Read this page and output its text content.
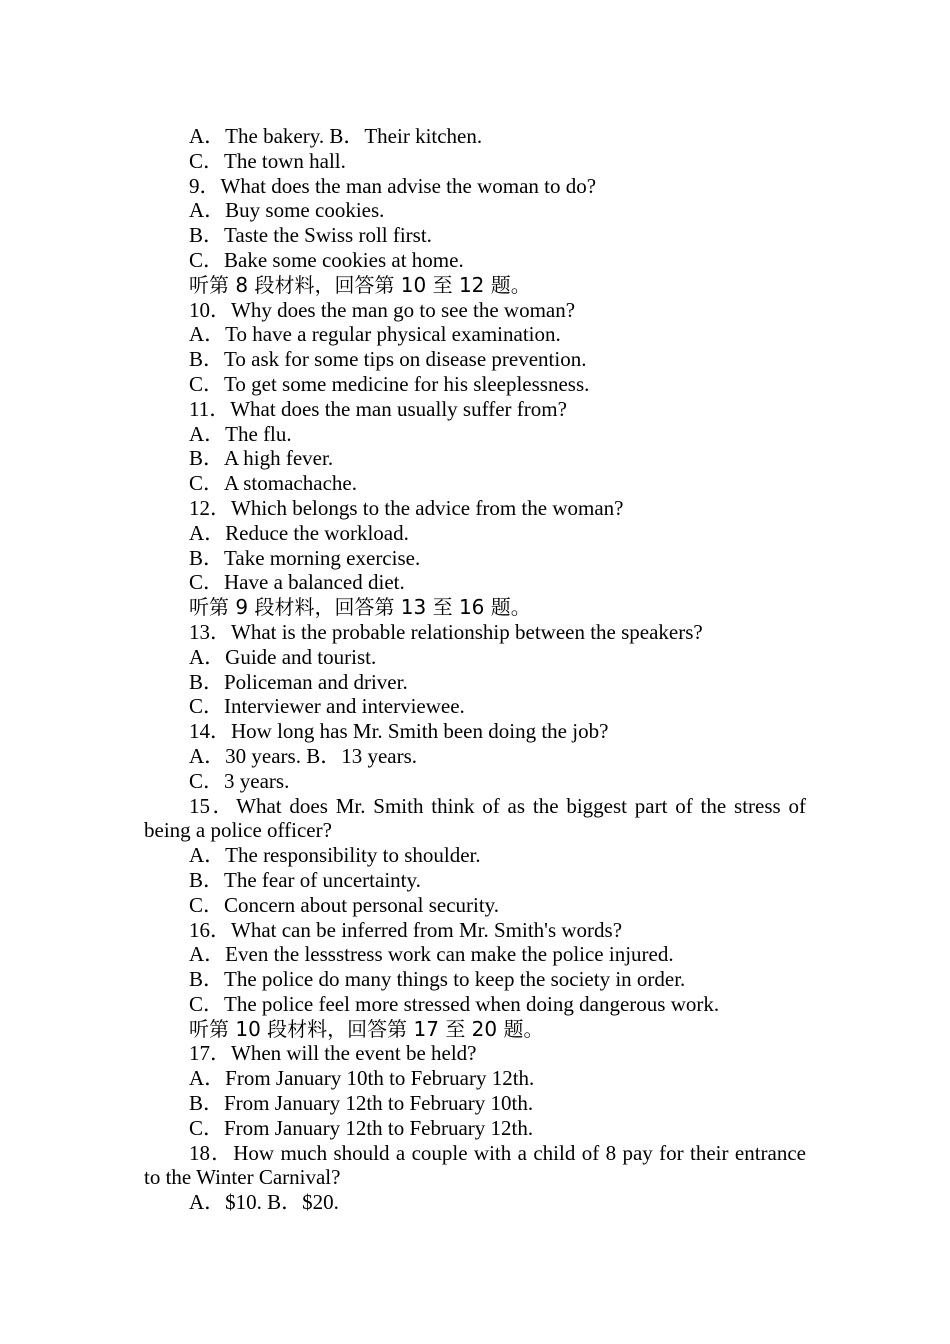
A．The bakery. B．Their kitchen.
C．The town hall.
9．What does the man advise the woman to do?
A．Buy some cookies.
B．Taste the Swiss roll first.
C．Bake some cookies at home.
听第 8 段材料，回答第 10 至 12 题。
10．Why does the man go to see the woman?
A．To have a regular physical examination.
B．To ask for some tips on disease prevention.
C．To get some medicine for his sleeplessness.
11．What does the man usually suffer from?
A．The flu.
B．A high fever.
C．A stomachache.
12．Which belongs to the advice from the woman?
A．Reduce the workload.
B．Take morning exercise.
C．Have a balanced diet.
听第 9 段材料，回答第 13 至 16 题。
13．What is the probable relationship between the speakers?
A．Guide and tourist.
B．Policeman and driver.
C．Interviewer and interviewee.
14．How long has Mr. Smith been doing the job?
A．30 years. B．13 years.
C．3 years.
15．What does Mr. Smith think of as the biggest part of the stress of being a police officer?
A．The responsibility to shoulder.
B．The fear of uncertainty.
C．Concern about personal security.
16．What can be inferred from Mr. Smith's words?
A．Even the lessstress work can make the police injured.
B．The police do many things to keep the society in order.
C．The police feel more stressed when doing dangerous work.
听第 10 段材料，回答第 17 至 20 题。
17．When will the event be held?
A．From January 10th to February 12th.
B．From January 12th to February 10th.
C．From January 12th to February 12th.
18．How much should a couple with a child of 8 pay for their entrance to the Winter Carnival?
A．$10. B．$20.
